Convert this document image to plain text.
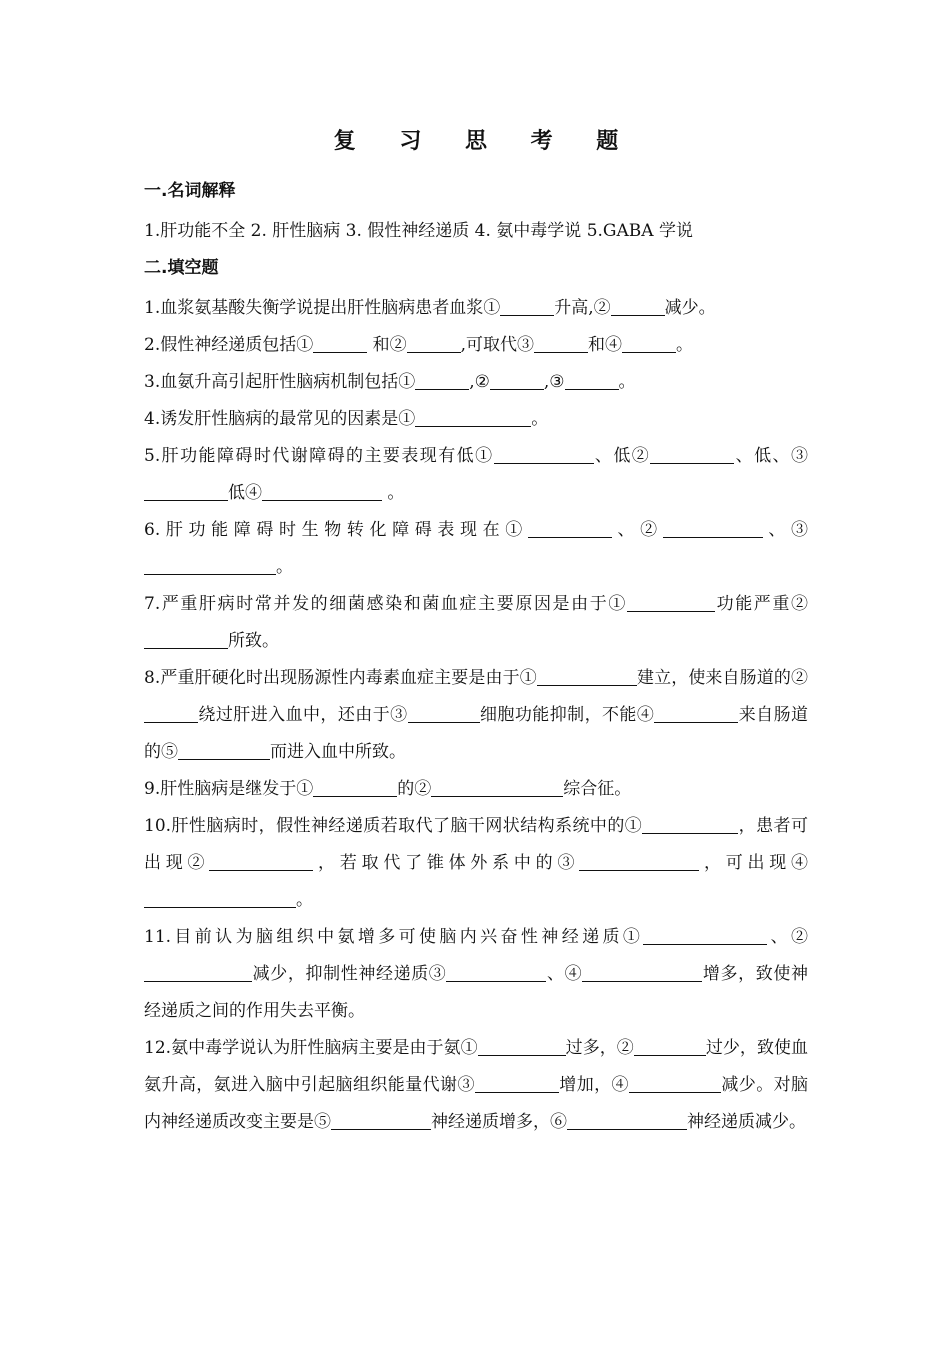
复 习 思 考 题
一.名词解释

1.肝功能不全 2. 肝性脑病 3. 假性神经递质 4. 氨中毒学说 5.GABA 学说

二.填空题

1.血浆氨基酸失衡学说提出肝性脑病患者血浆①	升高,②	减少。

2.假性神经递质包括①	和②	,可取代③	和④	。

3.血氨升高引起肝性脑病机制包括①	,②	,③	。

4.诱发肝性脑病的最常见的因素是①	。

5.肝功能障碍时代谢障碍的主要表现有低①	、低②	、低、③低④	。

6.肝功能障碍时生物转化障碍表现在①	、②	、③。

7.严重肝病时常并发的细菌感染和菌血症主要原因是由于①	功能严重②所致。

8.严重肝硬化时出现肠源性内毒素血症主要是由于①	建立，使来自肠道的②绕过肝进入血中，还由于③	细胞功能抑制，不能④	来自肠道的⑤	而进入血中所致。

9.肝性脑病是继发于①	的②	综合征。

10.肝性脑病时，假性神经递质若取代了脑干网状结构系统中的①	，患者可出现②	，若取代了锥体外系中的③	，可出现④。

11.目前认为脑组织中氨增多可使脑内兴奋性神经递质①	、②减少，抑制性神经递质③	、④	增多，致使神经递质之间的作用失去平衡。

12.氨中毒学说认为肝性脑病主要是由于氨①	过多，②	过少，致使血氨升高，氨进入脑中引起脑组织能量代谢③	增加，④	减少。对脑内神经递质改变主要是⑤	神经递质增多，⑥	神经递质减少。
